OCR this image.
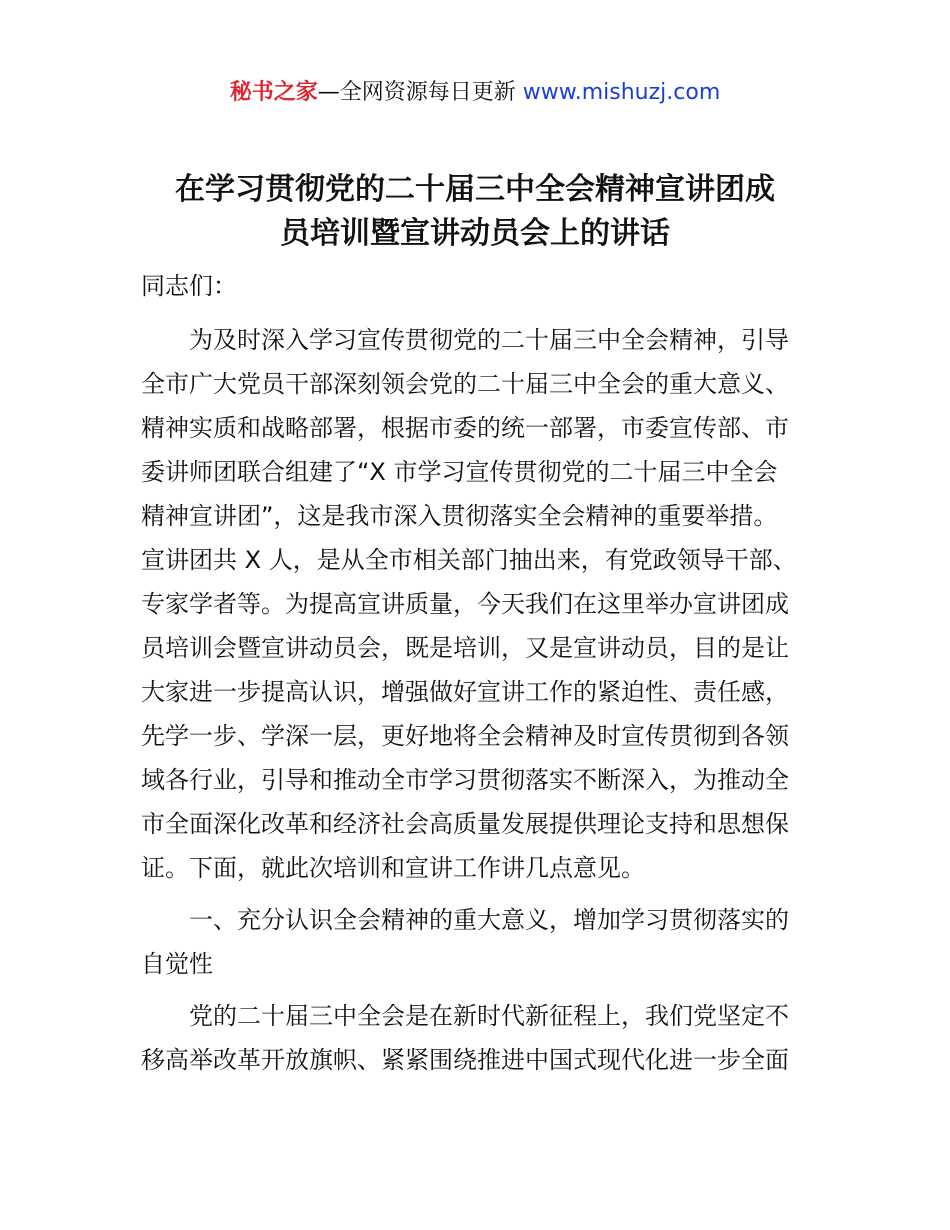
秘书之家—全网资源每日更新 www.mishuzj.com
在学习贯彻党的二十届三中全会精神宣讲团成
员培训暨宣讲动员会上的讲话
同志们：
　　为及时深入学习宣传贯彻党的二十届三中全会精神，引导
全市广大党员干部深刻领会党的二十届三中全会的重大意义、
精神实质和战略部署，根据市委的统一部署，市委宣传部、市
委讲师团联合组建了“X 市学习宣传贯彻党的二十届三中全会
精神宣讲团”，这是我市深入贯彻落实全会精神的重要举措。
宣讲团共 X 人，是从全市相关部门抽出来，有党政领导干部、
专家学者等。为提高宣讲质量，今天我们在这里举办宣讲团成
员培训会暨宣讲动员会，既是培训，又是宣讲动员，目的是让
大家进一步提高认识，增强做好宣讲工作的紧迫性、责任感，
先学一步、学深一层，更好地将全会精神及时宣传贯彻到各领
域各行业，引导和推动全市学习贯彻落实不断深入，为推动全
市全面深化改革和经济社会高质量发展提供理论支持和思想保
证。下面，就此次培训和宣讲工作讲几点意见。
　　一、充分认识全会精神的重大意义，增加学习贯彻落实的
自觉性
　　党的二十届三中全会是在新时代新征程上，我们党坚定不
移高举改革开放旗帜、紧紧围绕推进中国式现代化进一步全面
